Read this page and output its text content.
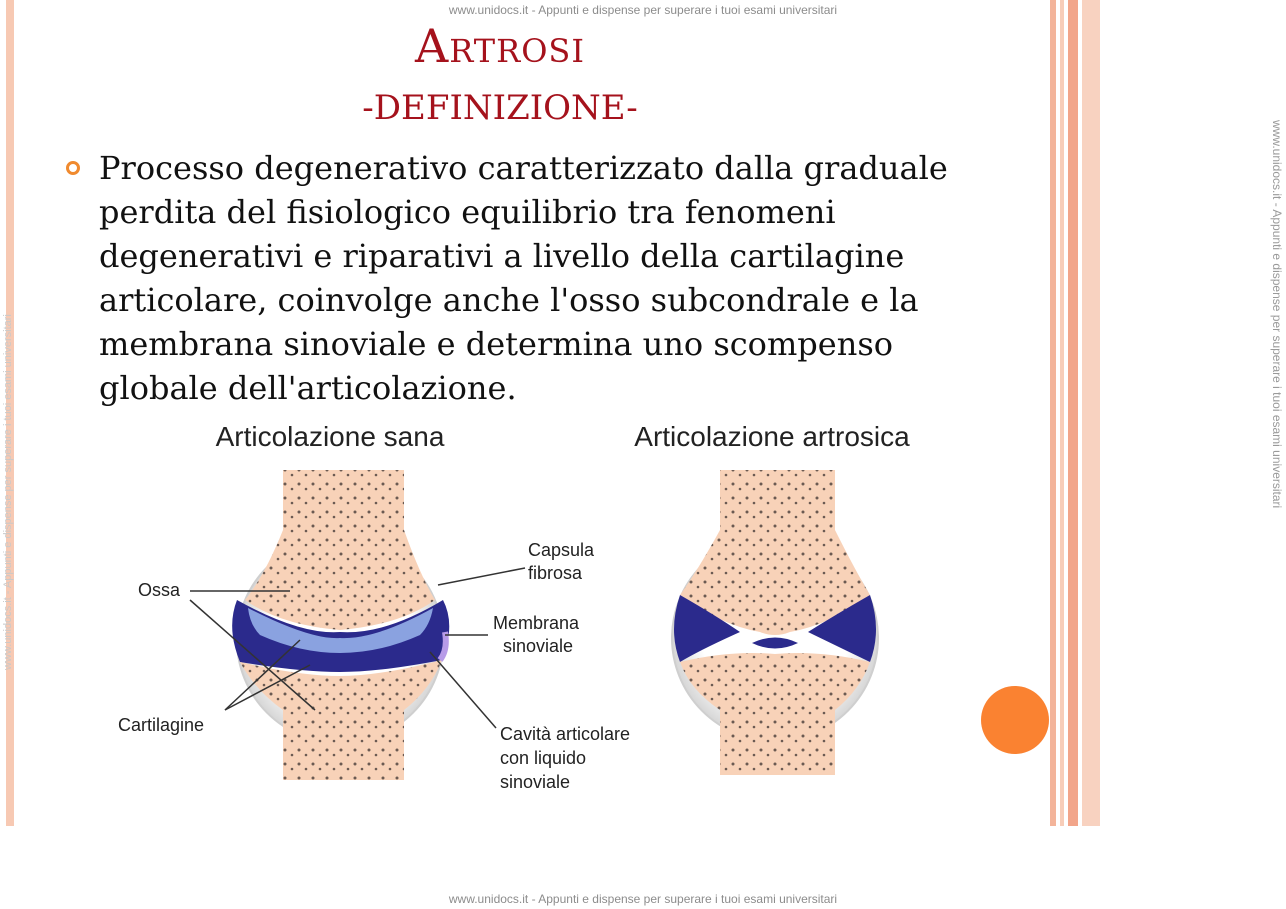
Artrosi
-DEFINIZIONE-
Processo degenerativo caratterizzato dalla graduale perdita del fisiologico equilibrio tra fenomeni degenerativi e riparativi a livello della cartilagine articolare, coinvolge anche l'osso subcondrale e la membrana sinoviale e determina uno scompenso globale dell'articolazione.
Articolazione sana	Articolazione artrosica
Ossa
Cartilagine
Capsula
fibrosa
Membrana
sinoviale
Cavità articolare
con liquido
sinoviale
www.unidocs.it - Appunti e dispense per superare i tuoi esami universitari
www.unidocs.it - Appunti e dispense per superare i tuoi esami universitari
www.unidocs.it - Appunti e dispense per superare i tuoi esami universitari
www.unidocs.it - Appunti e dispense per superare i tuoi esami universitari
